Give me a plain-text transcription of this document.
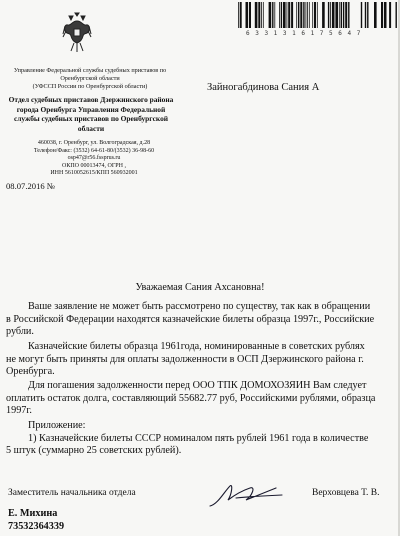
6 3 3 1 3 1 6 1 7 5 6 4 7
Управление Федеральной службы судебных приставов по
Оренбургской области
(УФССП России по Оренбургской области)
Отдел судебных приставов Дзержинского района
города Оренбурга Управления Федеральной
службы судебных приставов по Оренбургской
области
460038, г. Оренбург, ул. Волгоградская, д.28
Телефон/Факс: (3532) 64-61-80/(3532) 36-98-60
osp47@r56.fssprus.ru
ОКПО 00013474, ОГРН ,
ИНН 5610052615/КПП 560932001
08.07.2016 №
Зайногабдинова Сания А
Уважаемая Сания Ахсановна!
Ваше заявление не может быть рассмотрено по существу, так как в обращении
в Российской Федерации находятся казначейские билеты образца 1997г., Российские
рубли.
Казначейские билеты образца 1961года, номинированные в советских рублях
не могут быть приняты для оплаты задолженности в ОСП Дзержинского района г.
Оренбурга.
Для погашения задолженности перед ООО ТПК ДОМОХОЗЯИН Вам следует
оплатить остаток долга, составляющий 55682.77 руб, Российскими рублями, образца
1997г.
Приложение:
1) Казначейские билеты СССР номиналом пять рублей 1961 года в количестве
5 штук (суммарно 25 советских рублей).
Заместитель начальника отдела	Верховцева Т. В.
Е. Михина
73532364339
